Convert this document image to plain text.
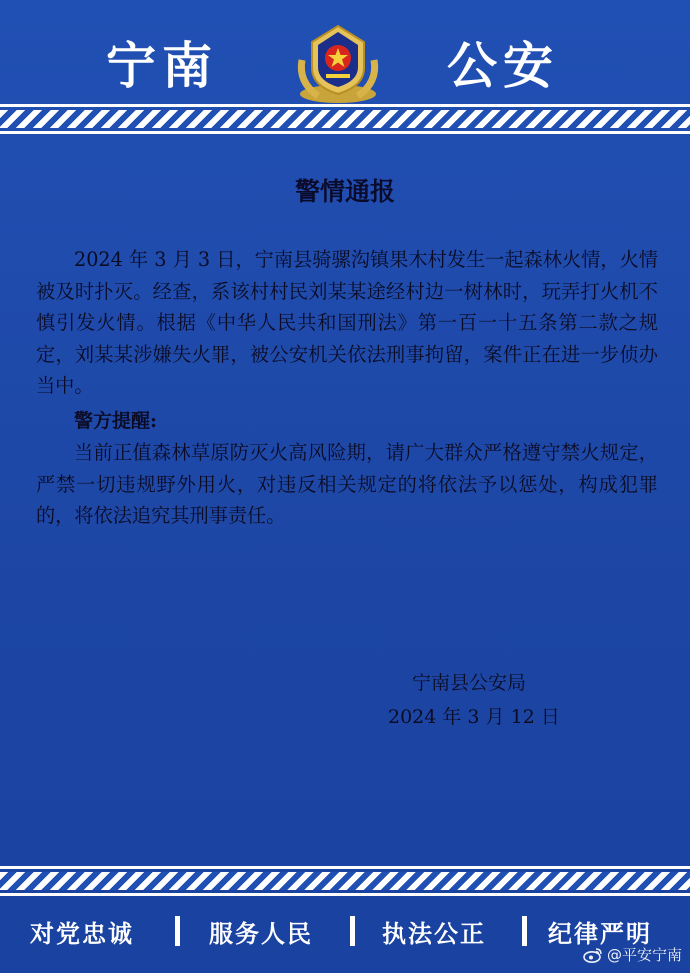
宁南	公安
警情通报

2024 年 3 月 3 日，宁南县骑骡沟镇果木村发生一起森林火情，火情被及时扑灭。经查，系该村村民刘某某途经村边一树林时，玩弄打火机不慎引发火情。根据《中华人民共和国刑法》第一百一十五条第二款之规定，刘某某涉嫌失火罪，被公安机关依法刑事拘留，案件正在进一步侦办当中。

警方提醒:

当前正值森林草原防灭火高风险期，请广大群众严格遵守禁火规定，严禁一切违规野外用火，对违反相关规定的将依法予以惩处，构成犯罪的，将依法追究其刑事责任。

宁南县公安局
2024 年 3 月 12 日
对党忠诚	服务人民	执法公正	纪律严明
@平安宁南
